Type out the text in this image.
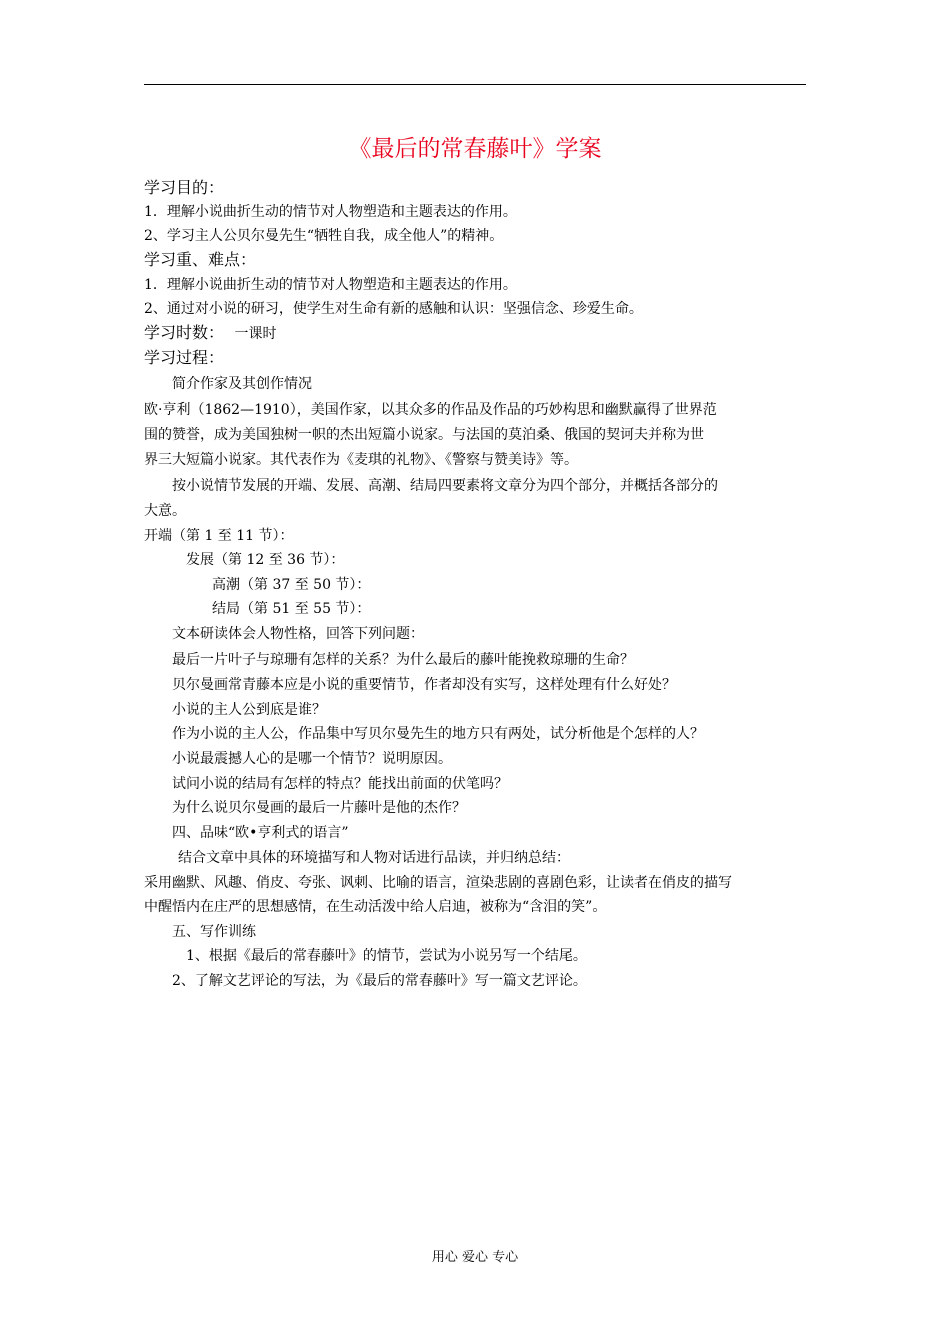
《最后的常春藤叶》学案
学习目的：
1．理解小说曲折生动的情节对人物塑造和主题表达的作用。
2、学习主人公贝尔曼先生“牺牲自我，成全他人”的精神。
学习重、难点：
1．理解小说曲折生动的情节对人物塑造和主题表达的作用。
2、通过对小说的研习，使学生对生命有新的感触和认识：坚强信念、珍爱生命。
学习时数： 一课时
学习过程：
简介作家及其创作情况
欧·亨利（1862—1910），美国作家，以其众多的作品及作品的巧妙构思和幽默赢得了世界范
围的赞誉，成为美国独树一帜的杰出短篇小说家。与法国的莫泊桑、俄国的契诃夫并称为世
界三大短篇小说家。其代表作为《麦琪的礼物》、《警察与赞美诗》等。
按小说情节发展的开端、发展、高潮、结局四要素将文章分为四个部分，并概括各部分的
大意。
开端（第 1 至 11 节）：
发展（第 12 至 36 节）：
高潮（第 37 至 50 节）：
结局（第 51 至 55 节）：
文本研读体会人物性格，回答下列问题：
最后一片叶子与琼珊有怎样的关系？为什么最后的藤叶能挽救琼珊的生命？
贝尔曼画常青藤本应是小说的重要情节，作者却没有实写，这样处理有什么好处？
小说的主人公到底是谁？
作为小说的主人公，作品集中写贝尔曼先生的地方只有两处，试分析他是个怎样的人？
小说最震撼人心的是哪一个情节？说明原因。
试问小说的结局有怎样的特点？能找出前面的伏笔吗？
为什么说贝尔曼画的最后一片藤叶是他的杰作？
四、品味“欧•亨利式的语言”
结合文章中具体的环境描写和人物对话进行品读，并归纳总结：
采用幽默、风趣、俏皮、夸张、讽刺、比喻的语言，渲染悲剧的喜剧色彩，让读者在俏皮的描写
中醒悟内在庄严的思想感情，在生动活泼中给人启迪，被称为“含泪的笑”。
五、写作训练
1、根据《最后的常春藤叶》的情节，尝试为小说另写一个结尾。
2、了解文艺评论的写法，为《最后的常春藤叶》写一篇文艺评论。
用心 爱心 专心
